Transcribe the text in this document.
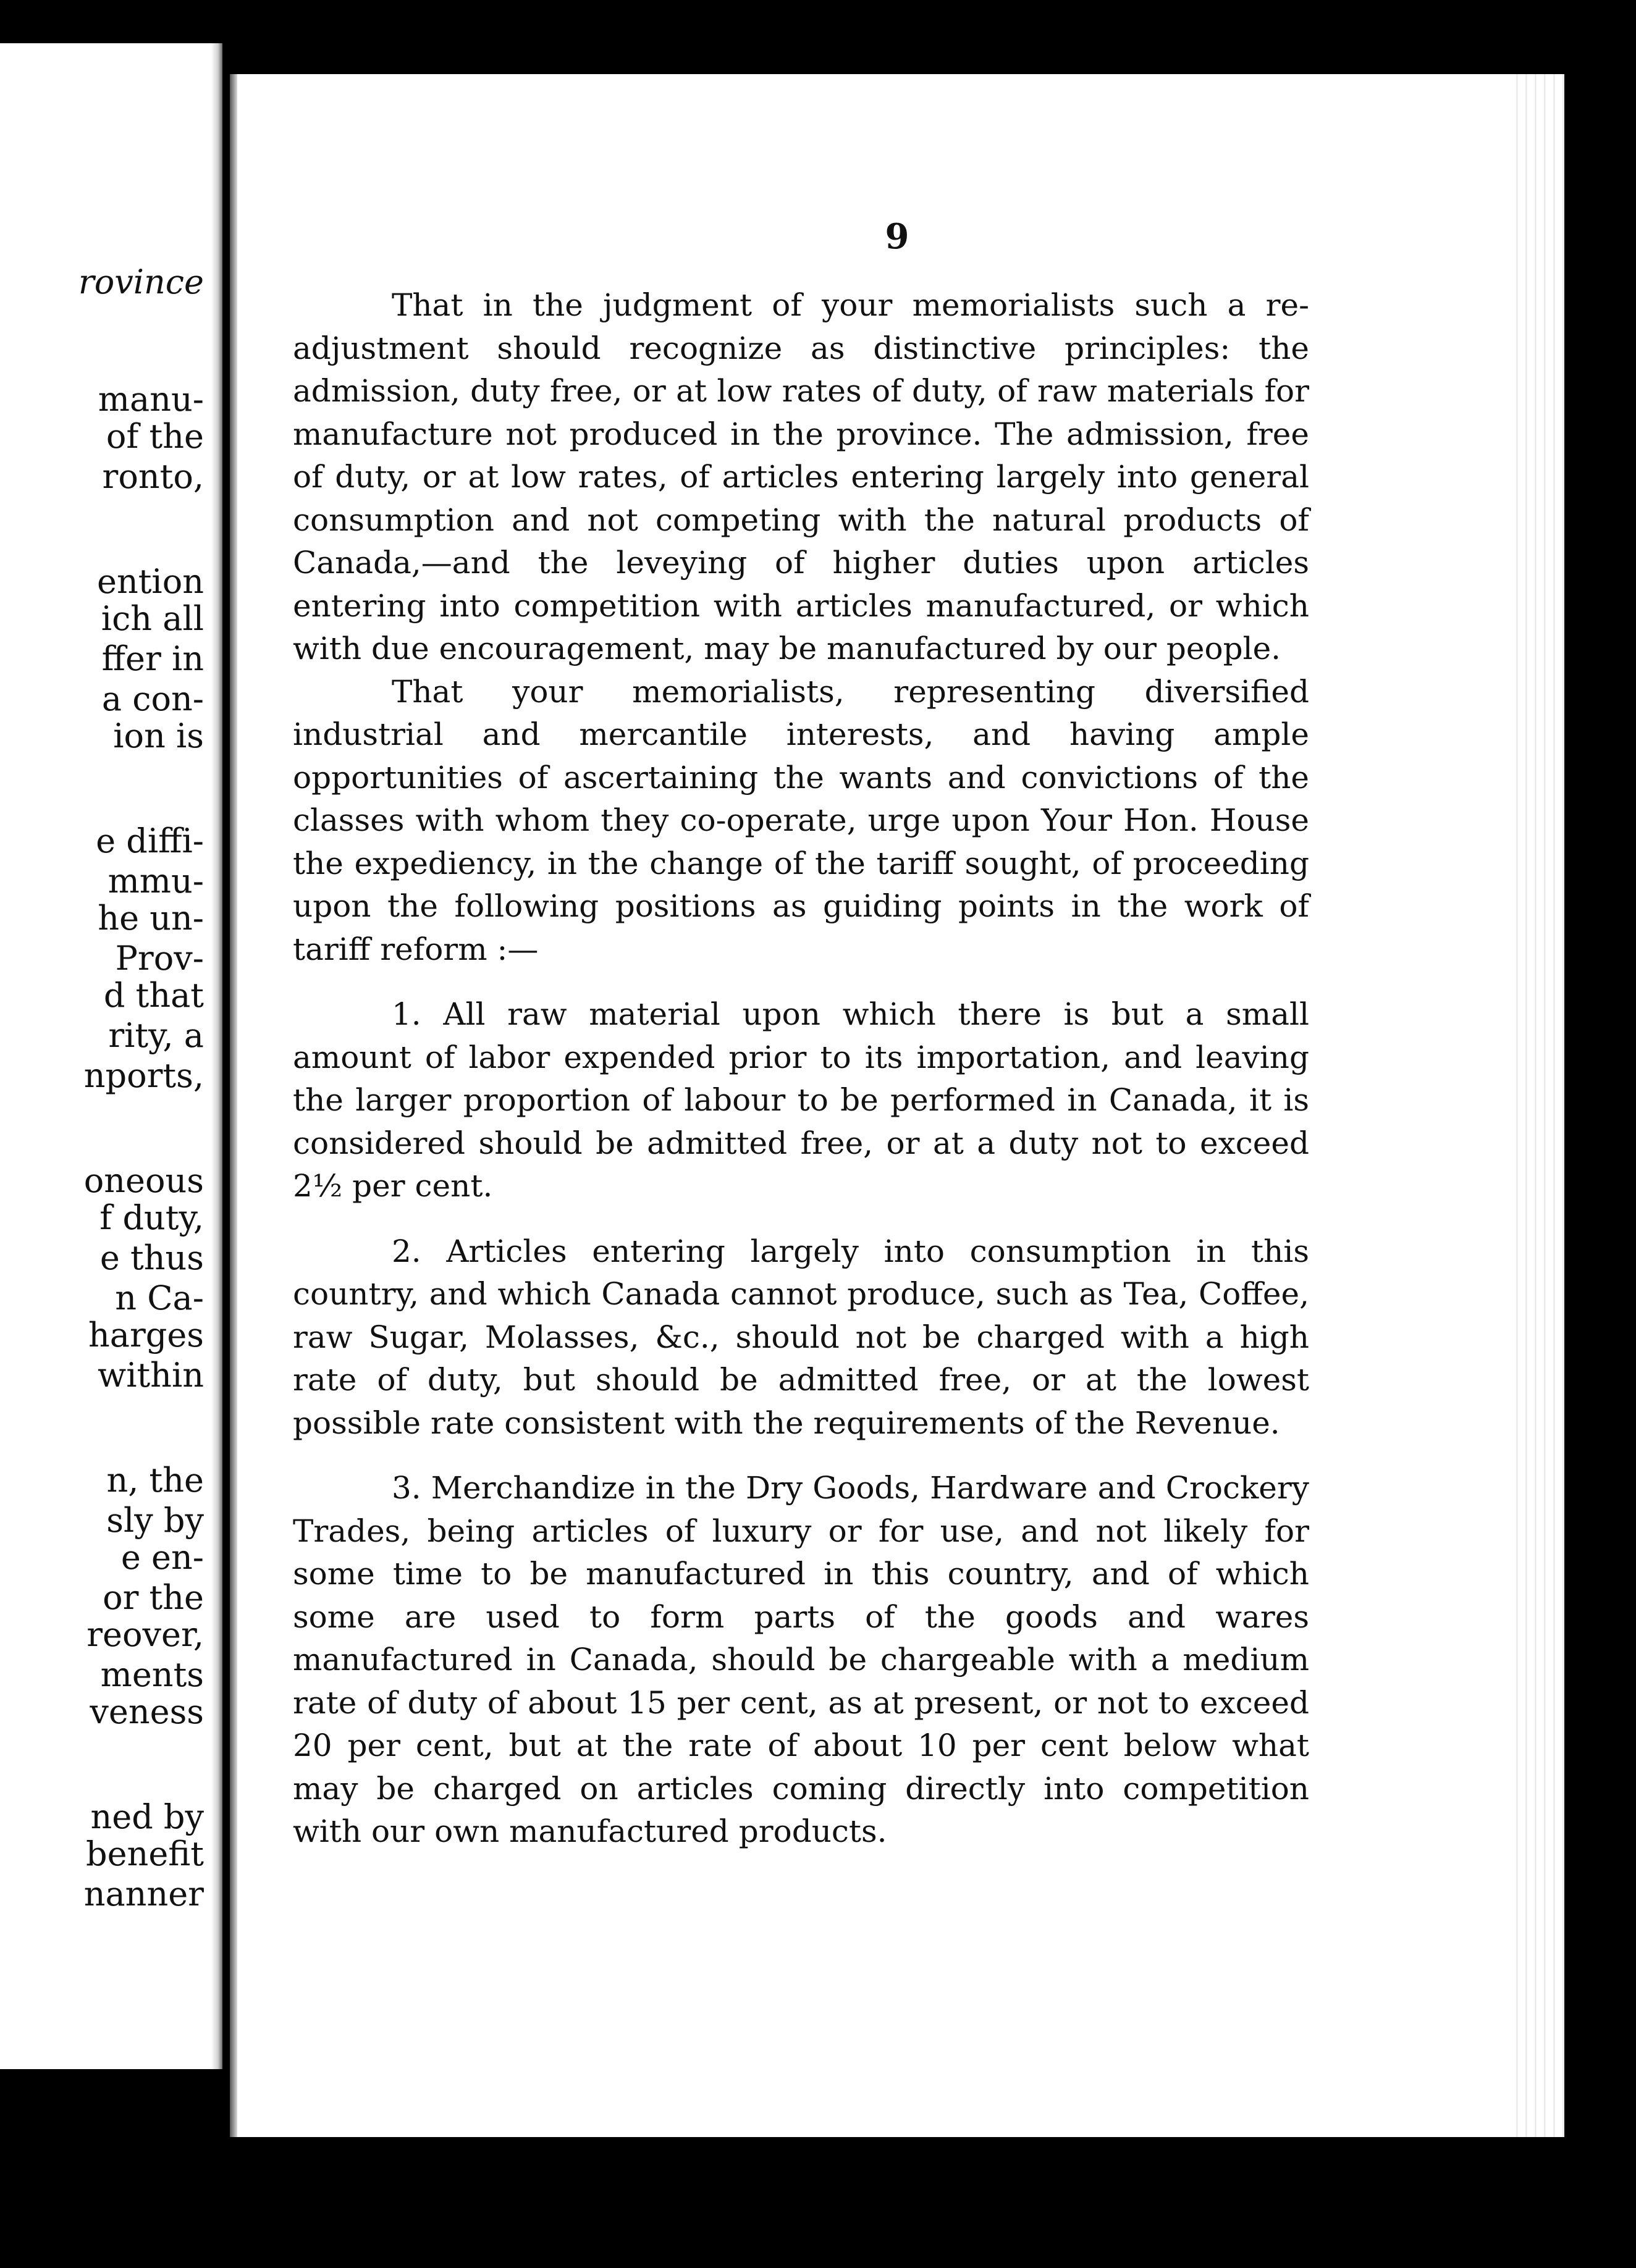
rovince
manu-
of the
ronto,
ention
ich all
ffer in
a con-
ion is
e diffi-
mmu-
he un-
Prov-
d that
rity, a
nports,
oneous
f duty,
e thus
n Ca-
harges
within
n, the
sly by
e en-
or the
reover,
ments
veness
ned by
benefit
nanner
9

That in the judgment of your memorialists such a re-adjustment should recognize as distinctive principles: the admission, duty free, or at low rates of duty, of raw materials for manufacture not produced in the province. The admission, free of duty, or at low rates, of articles entering largely into general consumption and not competing with the natural products of Canada,—and the leveying of higher duties upon articles entering into competition with articles manufactured, or which with due encouragement, may be manufactured by our people.

That your memorialists, representing diversified industrial and mercantile interests, and having ample opportunities of ascertaining the wants and convictions of the classes with whom they co-operate, urge upon Your Hon. House the expediency, in the change of the tariff sought, of proceeding upon the following positions as guiding points in the work of tariff reform :—

1. All raw material upon which there is but a small amount of labor expended prior to its importation, and leaving the larger proportion of labour to be performed in Canada, it is considered should be admitted free, or at a duty not to exceed 2½ per cent.

2. Articles entering largely into consumption in this country, and which Canada cannot produce, such as Tea, Coffee, raw Sugar, Molasses, &c., should not be charged with a high rate of duty, but should be admitted free, or at the lowest possible rate consistent with the requirements of the Revenue.

3. Merchandize in the Dry Goods, Hardware and Crockery Trades, being articles of luxury or for use, and not likely for some time to be manufactured in this country, and of which some are used to form parts of the goods and wares manufactured in Canada, should be chargeable with a medium rate of duty of about 15 per cent, as at present, or not to exceed 20 per cent, but at the rate of about 10 per cent below what may be charged on articles coming directly into competition with our own manufactured products.
